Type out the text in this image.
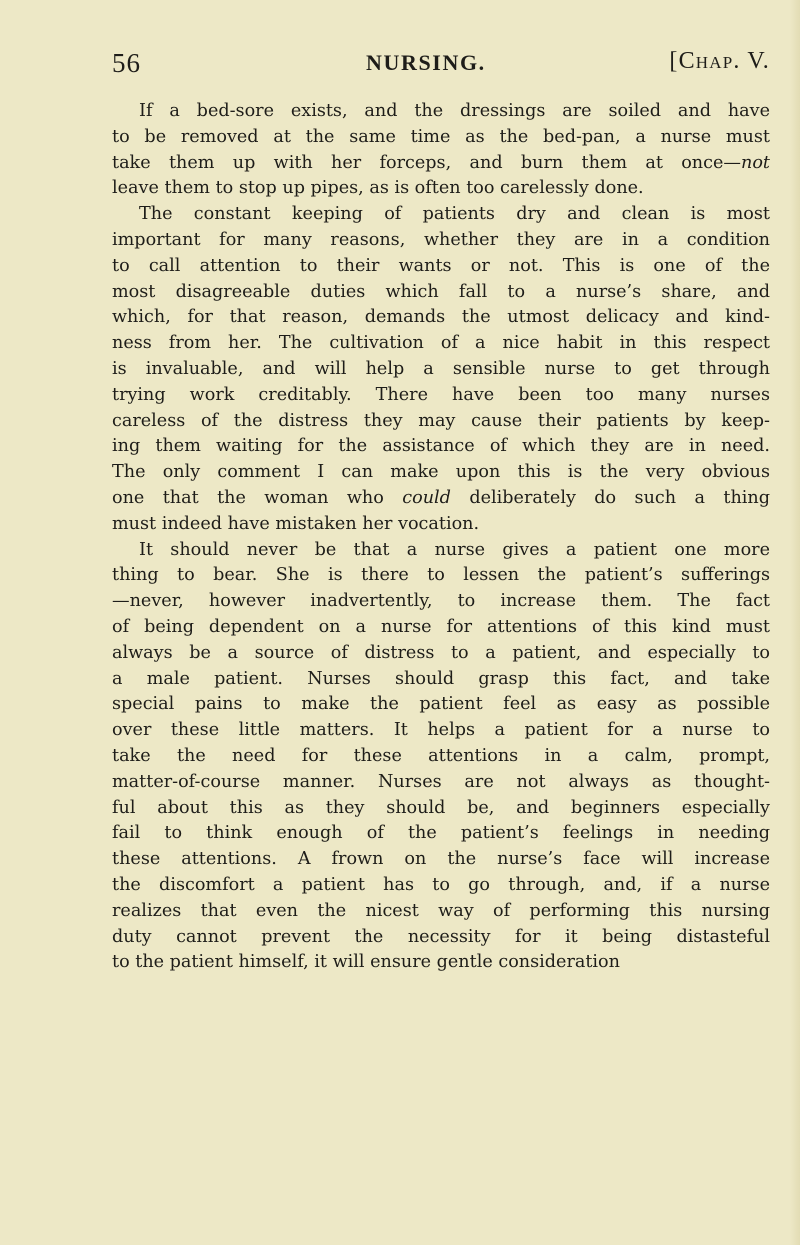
56	NURSING.	[Chap. V.
If a bed-sore exists, and the dressings are soiled and have
to be removed at the same time as the bed-pan, a nurse must
take them up with her forceps, and burn them at once—not
leave them to stop up pipes, as is often too carelessly done.
The constant keeping of patients dry and clean is most
important for many reasons, whether they are in a condition
to call attention to their wants or not. This is one of the
most disagreeable duties which fall to a nurse’s share, and
which, for that reason, demands the utmost delicacy and kind-
ness from her. The cultivation of a nice habit in this respect
is invaluable, and will help a sensible nurse to get through
trying work creditably. There have been too many nurses
careless of the distress they may cause their patients by keep-
ing them waiting for the assistance of which they are in need.
The only comment I can make upon this is the very obvious
one that the woman who could deliberately do such a thing
must indeed have mistaken her vocation.
It should never be that a nurse gives a patient one more
thing to bear. She is there to lessen the patient’s sufferings
—never, however inadvertently, to increase them. The fact
of being dependent on a nurse for attentions of this kind must
always be a source of distress to a patient, and especially to
a male patient. Nurses should grasp this fact, and take
special pains to make the patient feel as easy as possible
over these little matters. It helps a patient for a nurse to
take the need for these attentions in a calm, prompt,
matter-of-course manner. Nurses are not always as thought-
ful about this as they should be, and beginners especially
fail to think enough of the patient’s feelings in needing
these attentions. A frown on the nurse’s face will increase
the discomfort a patient has to go through, and, if a nurse
realizes that even the nicest way of performing this nursing
duty cannot prevent the necessity for it being distasteful
to the patient himself, it will ensure gentle consideration
